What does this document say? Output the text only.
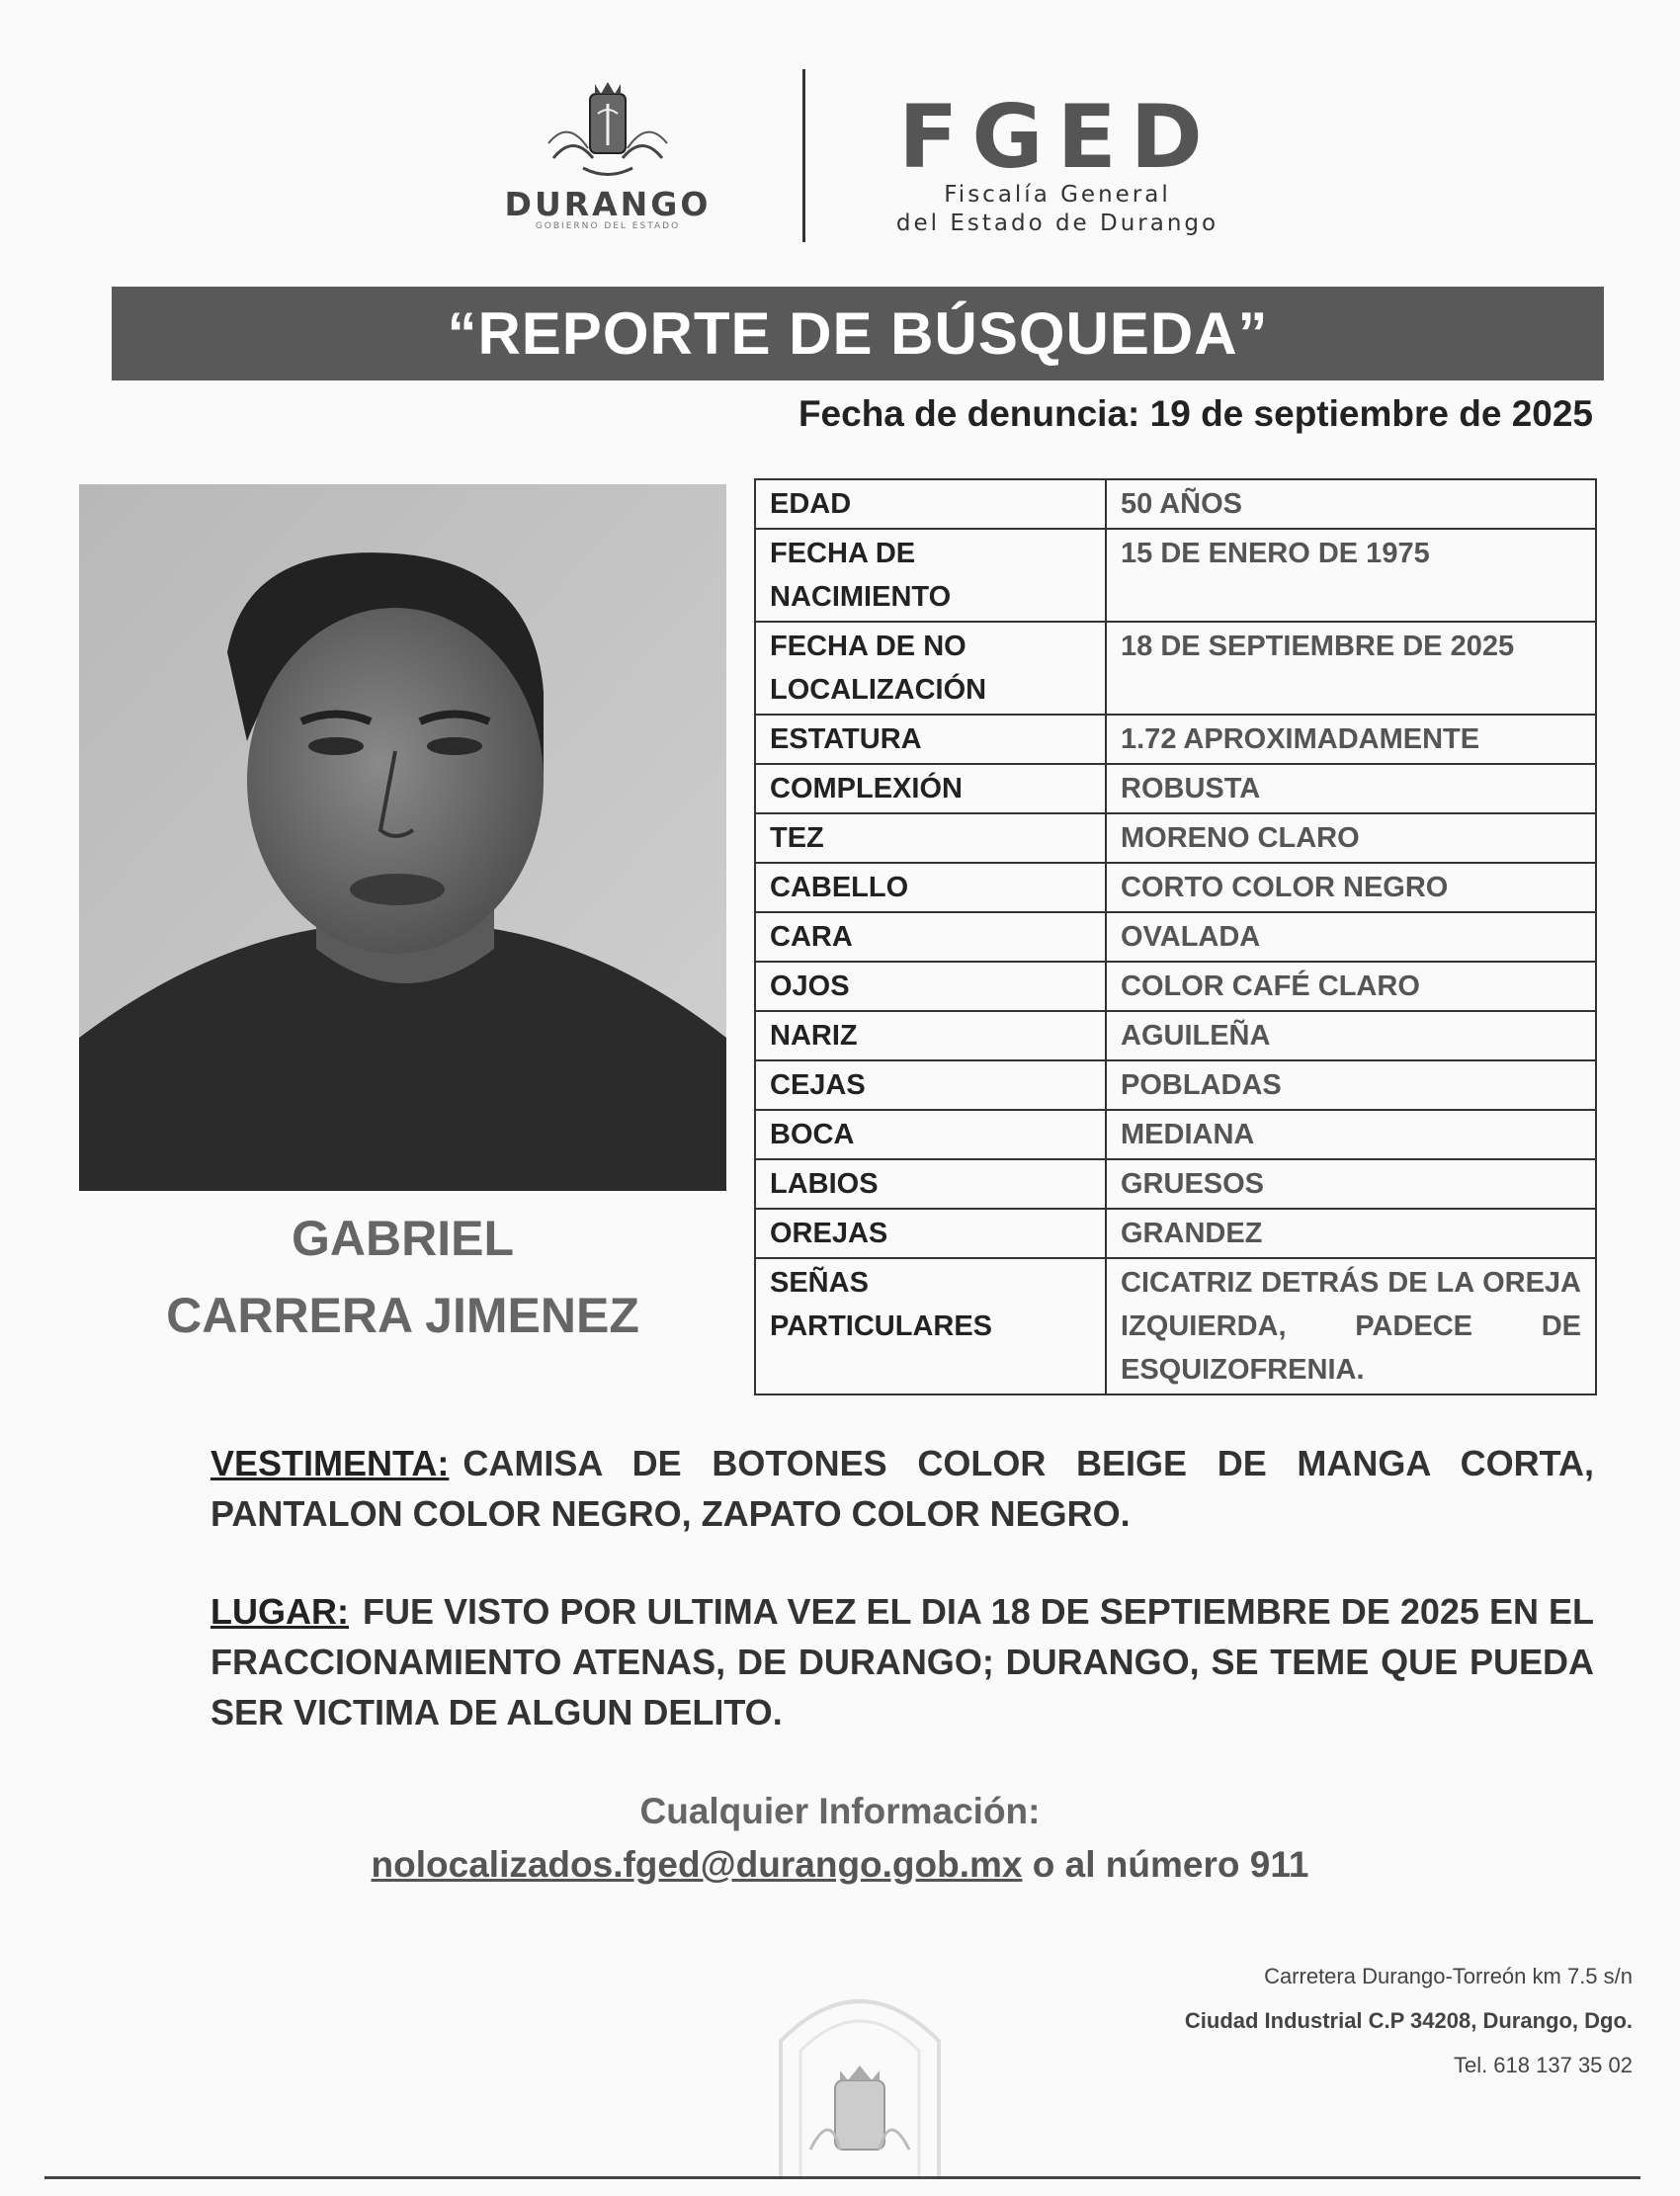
DURANGO
GOBIERNO DEL ESTADO
FGED
Fiscalía General
del Estado de Durango
“REPORTE DE BÚSQUEDA”
Fecha de denuncia: 19 de septiembre de 2025
GABRIEL
CARRERA JIMENEZ
EDAD	50 AÑOS
FECHA DE NACIMIENTO	15 DE ENERO DE 1975
FECHA DE NO LOCALIZACIÓN	18 DE SEPTIEMBRE DE 2025
ESTATURA	1.72 APROXIMADAMENTE
COMPLEXIÓN	ROBUSTA
TEZ	MORENO CLARO
CABELLO	CORTO COLOR NEGRO
CARA	OVALADA
OJOS	COLOR CAFÉ CLARO
NARIZ	AGUILEÑA
CEJAS	POBLADAS
BOCA	MEDIANA
LABIOS	GRUESOS
OREJAS	GRANDEZ
SEÑAS PARTICULARES	CICATRIZ DETRÁS DE LA OREJA IZQUIERDA, PADECE DE ESQUIZOFRENIA.
VESTIMENTA: CAMISA DE BOTONES COLOR BEIGE DE MANGA CORTA, PANTALON COLOR NEGRO, ZAPATO COLOR NEGRO.
LUGAR: FUE VISTO POR ULTIMA VEZ EL DIA 18 DE SEPTIEMBRE DE 2025 EN EL FRACCIONAMIENTO ATENAS, DE DURANGO; DURANGO, SE TEME QUE PUEDA SER VICTIMA DE ALGUN DELITO.
Cualquier Información:
nolocalizados.fged@durango.gob.mx o al número 911
Carretera Durango-Torreón km 7.5 s/n
Ciudad Industrial C.P 34208, Durango, Dgo.
Tel. 618 137 35 02
